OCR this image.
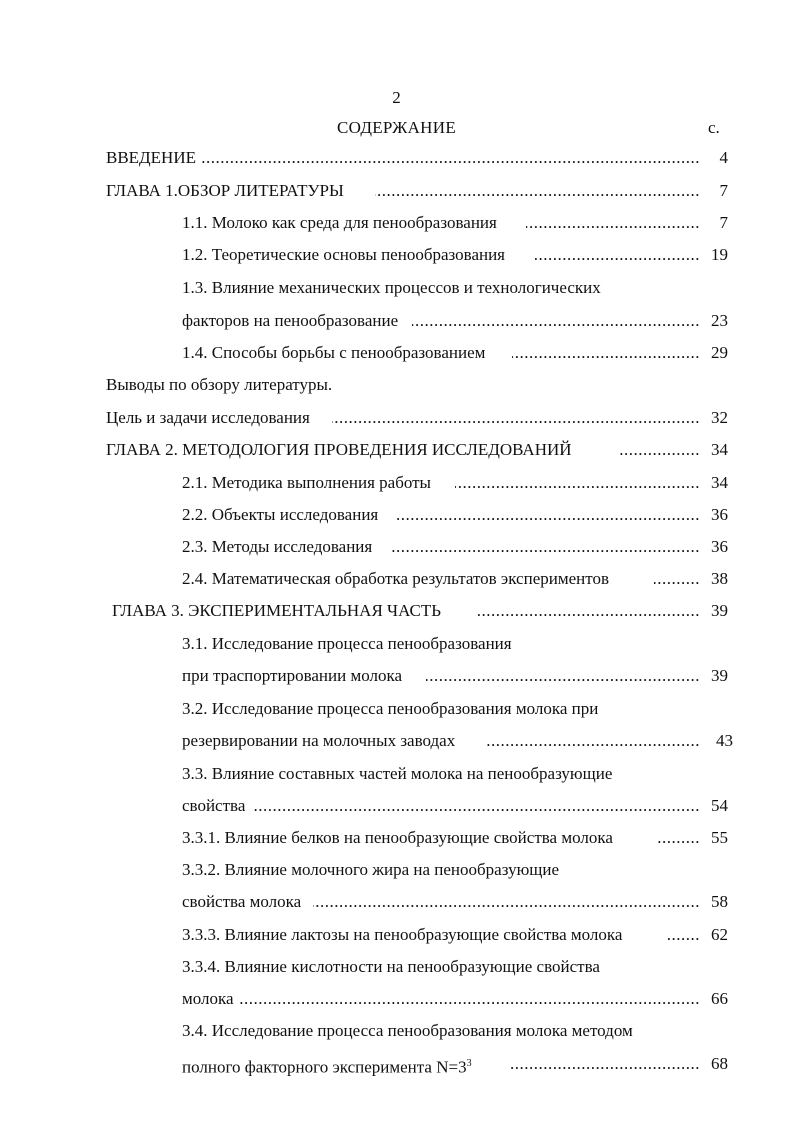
2
СОДЕРЖАНИЕ	с.
.....
ВВЕДЕНИЕ	4
.....
ГЛАВА 1.ОБЗОР ЛИТЕРАТУРЫ	7
.....
1.1. Молоко как среда для пенообразования	7
.....
1.2. Теоретические основы пенообразования	19
1.3. Влияние механических процессов и технологических
.....
факторов на пенообразование	23
.....
1.4. Способы борьбы с пенообразованием	29
Выводы по обзору литературы.
.....
Цель и задачи исследования	32
.....
ГЛАВА 2. МЕТОДОЛОГИЯ ПРОВЕДЕНИЯ ИССЛЕДОВАНИЙ	34
.....
2.1. Методика выполнения работы	34
.....
2.2. Объекты исследования	36
.....
2.3. Методы исследования	36
.....
2.4. Математическая обработка результатов экспериментов	38
.....
ГЛАВА 3. ЭКСПЕРИМЕНТАЛЬНАЯ ЧАСТЬ	39
3.1. Исследование процесса пенообразования
.....
при траспортировании молока	39
3.2. Исследование процесса пенообразования молока при
.....
резервировании на молочных заводах	43
3.3. Влияние составных частей молока на пенообразующие
.....
свойства	54
.....
3.3.1. Влияние белков на пенообразующие свойства молока	55
3.3.2. Влияние молочного жира на пенообразующие
.....
свойства молока	58
.....
3.3.3. Влияние лактозы на пенообразующие свойства молока	62
3.3.4. Влияние кислотности на пенообразующие свойства
.....
молока	66
3.4. Исследование процесса пенообразования молока методом
.....
полного факторного эксперимента $N=3^3$	68
